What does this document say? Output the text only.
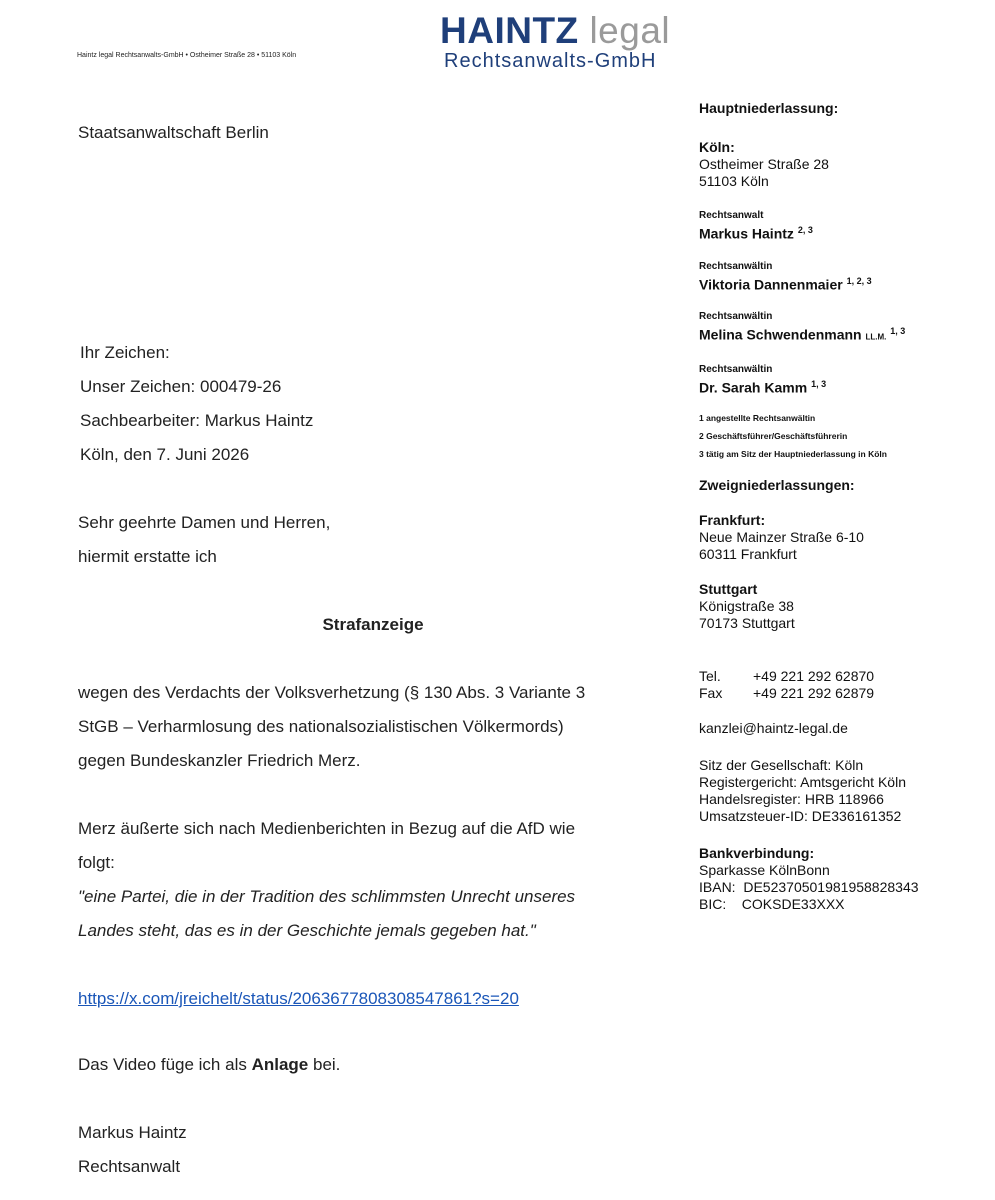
Haintz legal Rechtsanwalts-GmbH • Ostheimer Straße 28 • 51103 Köln
HAINTZ legal
Rechtsanwalts-GmbH
Staatsanwaltschaft Berlin
Ihr Zeichen:
Unser Zeichen: 000479-26
Sachbearbeiter: Markus Haintz
Köln, den 7. Juni 2026
Sehr geehrte Damen und Herren,
hiermit erstatte ich
Strafanzeige
wegen des Verdachts der Volksverhetzung (§ 130 Abs. 3 Variante 3
StGB – Verharmlosung des nationalsozialistischen Völkermords)
gegen Bundeskanzler Friedrich Merz.
Merz äußerte sich nach Medienberichten in Bezug auf die AfD wie
folgt:
"eine Partei, die in der Tradition des schlimmsten Unrecht unseres
Landes steht, das es in der Geschichte jemals gegeben hat."
https://x.com/jreichelt/status/2063677808308547861?s=20
Das Video füge ich als Anlage bei.
Markus Haintz
Rechtsanwalt
Hauptniederlassung:
Köln:
Ostheimer Straße 28
51103 Köln
Rechtsanwalt
Markus Haintz $^{2, 3}$
Rechtsanwältin
Viktoria Dannenmaier $^{1, 2, 3}$
Rechtsanwältin
Melina Schwendenmann LL.M. $^{1, 3}$
Rechtsanwältin
Dr. Sarah Kamm $^{1, 3}$
1 angestellte Rechtsanwältin
2 Geschäftsführer/Geschäftsführerin
3 tätig am Sitz der Hauptniederlassung in Köln
Zweigniederlassungen:
Frankfurt:
Neue Mainzer Straße 6-10
60311 Frankfurt
Stuttgart
Königstraße 38
70173 Stuttgart
Tel. +49 221 292 62870
Fax +49 221 292 62879
kanzlei@haintz-legal.de
Sitz der Gesellschaft: Köln
Registergericht: Amtsgericht Köln
Handelsregister: HRB 118966
Umsatzsteuer-ID: DE336161352
Bankverbindung:
Sparkasse KölnBonn
IBAN:  DE52370501981958828343
BIC:    COKSDE33XXX
